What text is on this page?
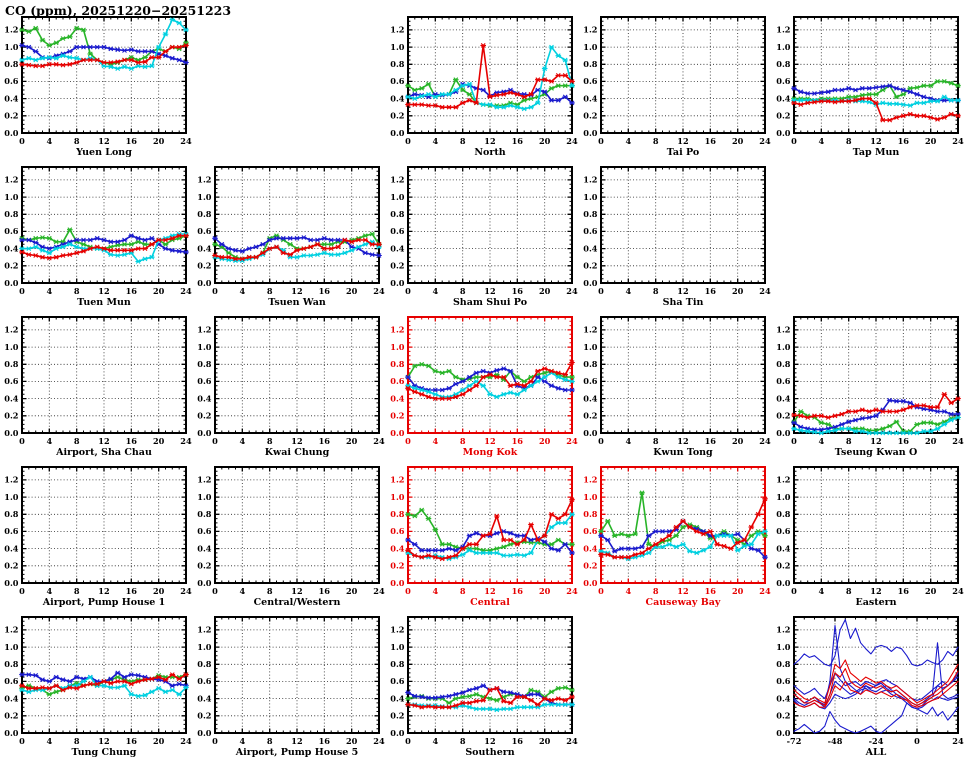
CO (ppm), 20251220−20251223
0.0
0.2
0.4
0.6
0.8
1.0
1.2
0	4	8 12 16 20 24
Yuen Long
0.0
0.2
0.4
0.6
0.8
1.0
1.2
0	4	8 12 16 20 24
North
0.0
0.2
0.4
0.6
0.8
1.0
1.2
0	4	8 12 16 20 24
Tai Po
0.0
0.2
0.4
0.6
0.8
1.0
1.2
0	4	8 12 16 20 24
Tap Mun
0.0
0.2
0.4
0.6
0.8
1.0
1.2
0	4	8 12 16 20 24
Tuen Mun
0.0
0.2
0.4
0.6
0.8
1.0
1.2
0	4	8 12 16 20 24
Tsuen Wan
0.0
0.2
0.4
0.6
0.8
1.0
1.2
0	4	8 12 16 20 24
Sham Shui Po
0.0
0.2
0.4
0.6
0.8
1.0
1.2
0	4	8 12 16 20 24
Sha Tin
0.0
0.2
0.4
0.6
0.8
1.0
1.2
0	4	8 12 16 20 24
Airport, Sha Chau
0.0
0.2
0.4
0.6
0.8
1.0
1.2
0	4	8 12 16 20 24
Kwai Chung
0.0
0.2
0.4
0.6
0.8
1.0
1.2
0	4	8 12 16 20 24
Mong Kok
0.0
0.2
0.4
0.6
0.8
1.0
1.2
0	4	8 12 16 20 24
Kwun Tong
0.0
0.2
0.4
0.6
0.8
1.0
1.2
0	4	8 12 16 20 24
Tseung Kwan O
0.0
0.2
0.4
0.6
0.8
1.0
1.2
0	4	8 12 16 20 24
Airport, Pump House 1
0.0
0.2
0.4
0.6
0.8
1.0
1.2
0	4	8 12 16 20 24
Central/Western
0.0
0.2
0.4
0.6
0.8
1.0
1.2
0	4	8 12 16 20 24
Central
0.0
0.2
0.4
0.6
0.8
1.0
1.2
0	4	8 12 16 20 24
Causeway Bay
0.0
0.2
0.4
0.6
0.8
1.0
1.2
0	4	8 12 16 20 24
Eastern
0.0
0.2
0.4
0.6
0.8
1.0
1.2
0	4	8 12 16 20 24
Tung Chung
0.0
0.2
0.4
0.6
0.8
1.0
1.2
0	4	8 12 16 20 24
Airport, Pump House 5
0.0
0.2
0.4
0.6
0.8
1.0
1.2
0	4	8 12 16 20 24
Southern
0.0
0.2
0.4
0.6
0.8
1.0
1.2
-72	-48	-24	0	24
ALL
